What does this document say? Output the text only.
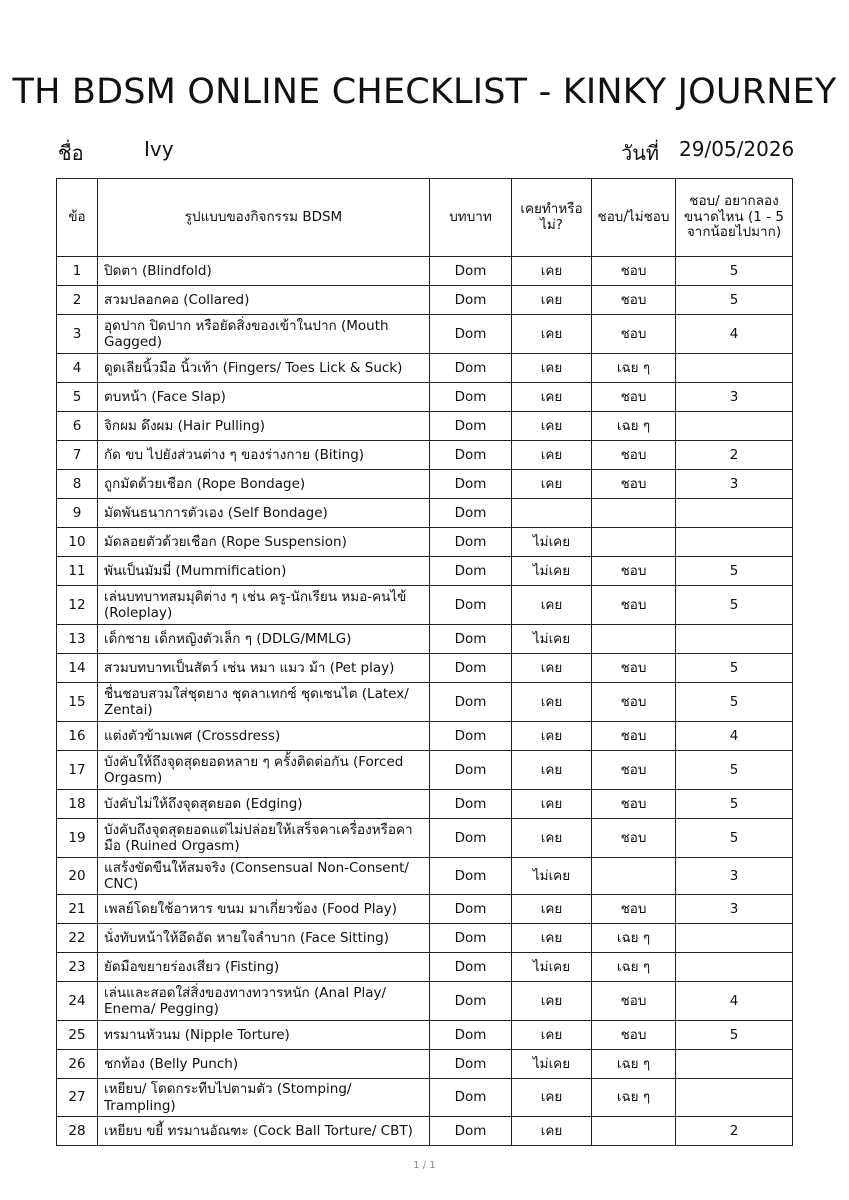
TH BDSM ONLINE CHECKLIST - KINKY JOURNEY
ชื่อ	Ivy	วันที่ 29/05/2026
ข้อ	รูปแบบของกิจกรรม BDSM	บทบาท	เคยทำหรือไม่?	ชอบ/ไม่ชอบ	ชอบ/ อยากลองขนาดไหน (1 - 5 จากน้อยไปมาก)
1	ปิดตา (Blindfold)	Dom	เคย	ชอบ	5
2	สวมปลอกคอ (Collared)	Dom	เคย	ชอบ	5
3	อุดปาก ปิดปาก หรือยัดสิ่งของเข้าในปาก (Mouth Gagged)	Dom	เคย	ชอบ	4
4	ดูดเลียนิ้วมือ นิ้วเท้า (Fingers/ Toes Lick & Suck)	Dom	เคย	เฉย ๆ	
5	ตบหน้า (Face Slap)	Dom	เคย	ชอบ	3
6	จิกผม ดึงผม (Hair Pulling)	Dom	เคย	เฉย ๆ	
7	กัด ขบ ไปยังส่วนต่าง ๆ ของร่างกาย (Biting)	Dom	เคย	ชอบ	2
8	ถูกมัดด้วยเชือก (Rope Bondage)	Dom	เคย	ชอบ	3
9	มัดพันธนาการตัวเอง (Self Bondage)	Dom			
10	มัดลอยตัวด้วยเชือก (Rope Suspension)	Dom	ไม่เคย		
11	พันเป็นมัมมี่ (Mummification)	Dom	ไม่เคย	ชอบ	5
12	เล่นบทบาทสมมุติต่าง ๆ เช่น ครู-นักเรียน หมอ-คนไข้ (Roleplay)	Dom	เคย	ชอบ	5
13	เด็กชาย เด็กหญิงตัวเล็ก ๆ (DDLG/MMLG)	Dom	ไม่เคย		
14	สวมบทบาทเป็นสัตว์ เช่น หมา แมว ม้า (Pet play)	Dom	เคย	ชอบ	5
15	ชื่นชอบสวมใส่ชุดยาง ชุดลาเทกซ์ ชุดเซนไต (Latex/ Zentai)	Dom	เคย	ชอบ	5
16	แต่งตัวข้ามเพศ (Crossdress)	Dom	เคย	ชอบ	4
17	บังคับให้ถึงจุดสุดยอดหลาย ๆ ครั้งติดต่อกัน (Forced Orgasm)	Dom	เคย	ชอบ	5
18	บังคับไม่ให้ถึงจุดสุดยอด (Edging)	Dom	เคย	ชอบ	5
19	บังคับถึงจุดสุดยอดแต่ไม่ปล่อยให้เสร็จคาเครื่องหรือคามือ (Ruined Orgasm)	Dom	เคย	ชอบ	5
20	แสร้งขัดขืนให้สมจริง (Consensual Non-Consent/ CNC)	Dom	ไม่เคย		3
21	เพลย์โดยใช้อาหาร ขนม มาเกี่ยวข้อง (Food Play)	Dom	เคย	ชอบ	3
22	นั่งทับหน้าให้อึดอัด หายใจลำบาก (Face Sitting)	Dom	เคย	เฉย ๆ	
23	ยัดมือขยายร่องเสียว (Fisting)	Dom	ไม่เคย	เฉย ๆ	
24	เล่นและสอดใส่สิ่งของทางทวารหนัก (Anal Play/ Enema/ Pegging)	Dom	เคย	ชอบ	4
25	ทรมานหัวนม (Nipple Torture)	Dom	เคย	ชอบ	5
26	ชกท้อง (Belly Punch)	Dom	ไม่เคย	เฉย ๆ	
27	เหยียบ/ โดดกระทืบไปตามตัว (Stomping/ Trampling)	Dom	เคย	เฉย ๆ	
28	เหยียบ ขยี้ ทรมานอัณฑะ (Cock Ball Torture/ CBT)	Dom	เคย		2
1 / 1
